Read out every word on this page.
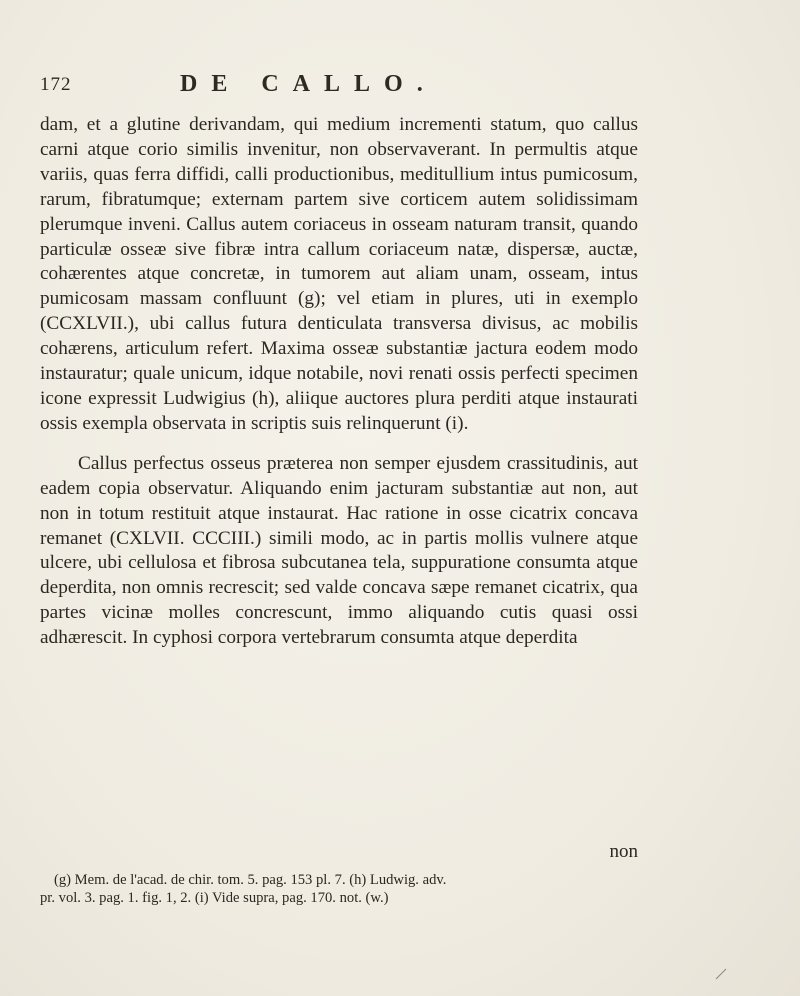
172	DE CALLO.

dam, et a glutine derivandam, qui medium incrementi statum, quo callus carni atque corio similis invenitur, non observaverant. In permultis atque variis, quas ferra diffidi, calli productionibus, meditullium intus pumicosum, rarum, fibratumque; externam partem sive corticem autem solidissimam plerumque inveni. Callus autem coriaceus in osseam naturam transit, quando particulæ osseæ sive fibræ intra callum coriaceum natæ, dispersæ, auctæ, cohærentes atque concretæ, in tumorem aut aliam unam, osseam, intus pumicosam massam confluunt (g); vel etiam in plures, uti in exemplo (CCXLVII.), ubi callus futura denticulata transversa divisus, ac mobilis cohærens, articulum refert. Maxima osseæ substantiæ jactura eodem modo instauratur; quale unicum, idque notabile, novi renati ossis perfecti specimen icone expressit Ludwigius (h), aliique auctores plura perditi atque instaurati ossis exempla observata in scriptis suis relinquerunt (i).

Callus perfectus osseus præterea non semper ejusdem crassitudinis, aut eadem copia observatur. Aliquando enim jacturam substantiæ aut non, aut non in totum restituit atque instaurat. Hac ratione in osse cicatrix concava remanet (CXLVII. CCCIII.) simili modo, ac in partis mollis vulnere atque ulcere, ubi cellulosa et fibrosa subcutanea tela, suppuratione consumta atque deperdita, non omnis recrescit; sed valde concava sæpe remanet cicatrix, qua partes vicinæ molles concrescunt, immo aliquando cutis quasi ossi adhærescit. In cyphosi corpora vertebrarum consumta atque deperdita

non

(g) Mem. de l'acad. de chir. tom. 5. pag. 153 pl. 7. (h) Ludwig. adv.

pr. vol. 3. pag. 1. fig. 1, 2. (i) Vide supra, pag. 170. not. (w.)
